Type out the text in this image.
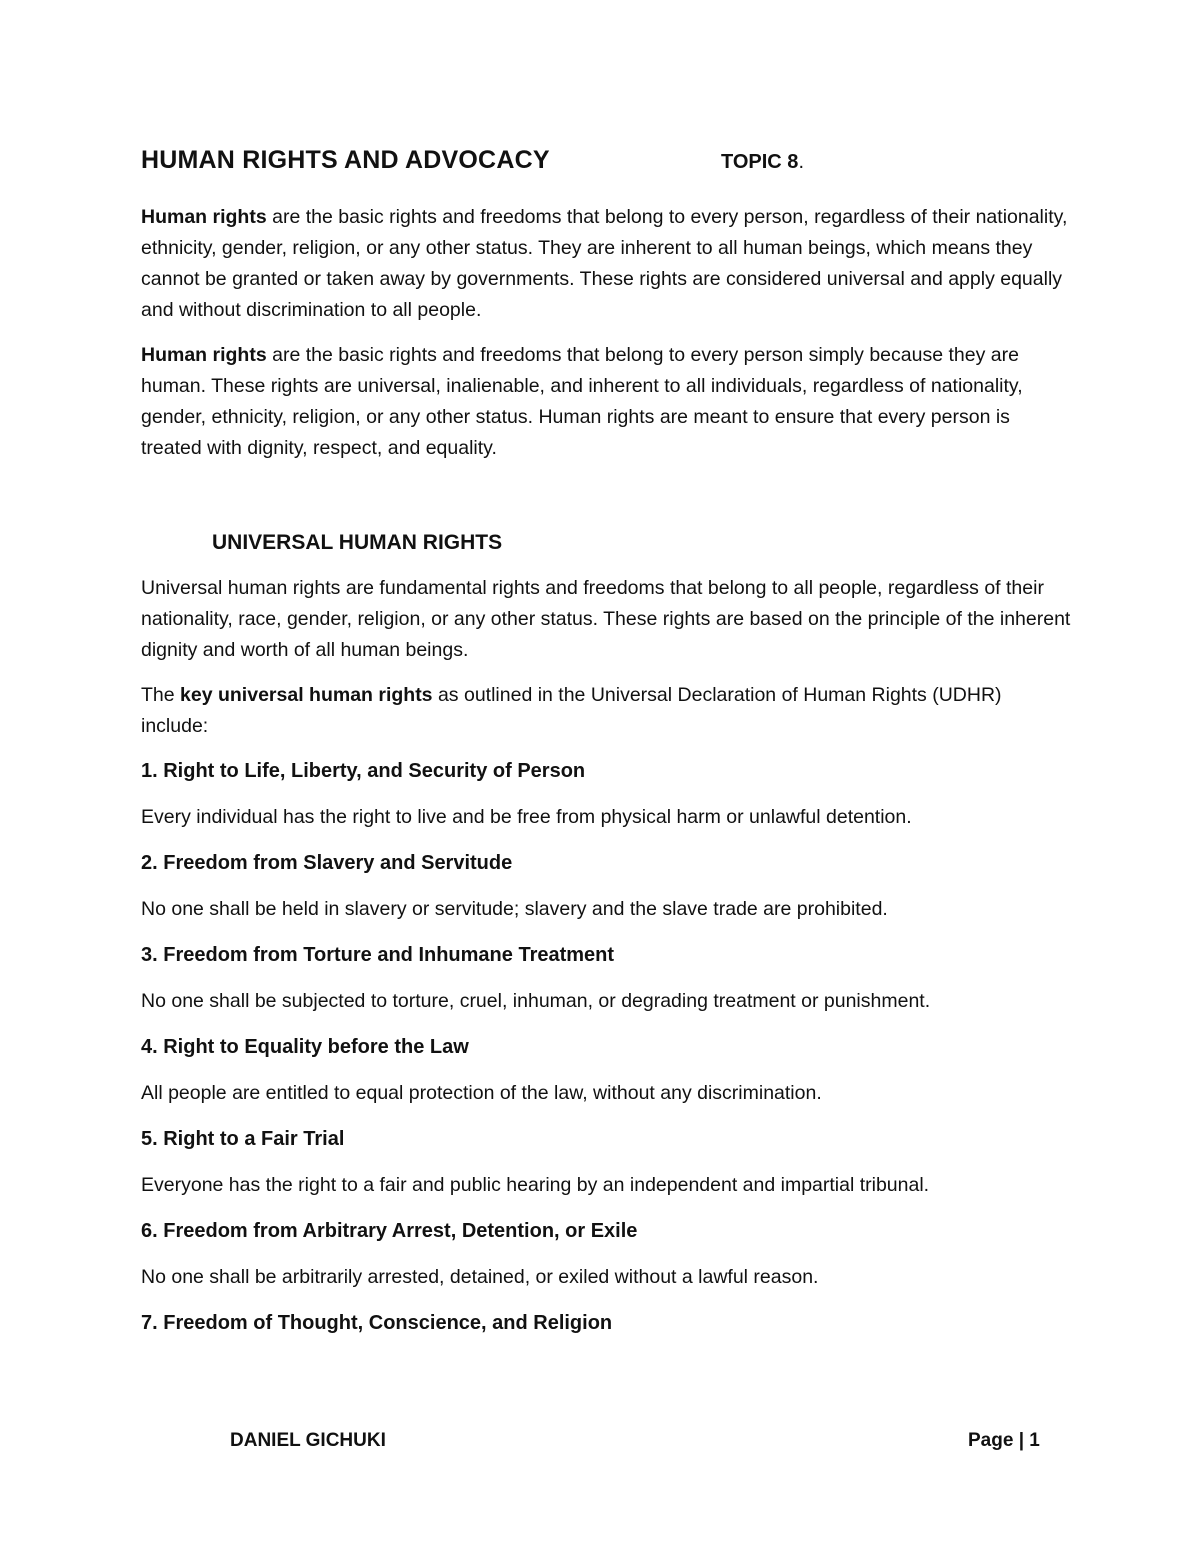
HUMAN RIGHTS AND ADVOCACY	TOPIC 8.

Human rights are the basic rights and freedoms that belong to every person, regardless of their nationality, ethnicity, gender, religion, or any other status. They are inherent to all human beings, which means they cannot be granted or taken away by governments. These rights are considered universal and apply equally and without discrimination to all people.

Human rights are the basic rights and freedoms that belong to every person simply because they are human. These rights are universal, inalienable, and inherent to all individuals, regardless of nationality, gender, ethnicity, religion, or any other status. Human rights are meant to ensure that every person is treated with dignity, respect, and equality.

UNIVERSAL HUMAN RIGHTS

Universal human rights are fundamental rights and freedoms that belong to all people, regardless of their nationality, race, gender, religion, or any other status. These rights are based on the principle of the inherent dignity and worth of all human beings.

The key universal human rights as outlined in the Universal Declaration of Human Rights (UDHR) include:

1. Right to Life, Liberty, and Security of Person
Every individual has the right to live and be free from physical harm or unlawful detention.
2. Freedom from Slavery and Servitude
No one shall be held in slavery or servitude; slavery and the slave trade are prohibited.
3. Freedom from Torture and Inhumane Treatment
No one shall be subjected to torture, cruel, inhuman, or degrading treatment or punishment.
4. Right to Equality before the Law
All people are entitled to equal protection of the law, without any discrimination.
5. Right to a Fair Trial
Everyone has the right to a fair and public hearing by an independent and impartial tribunal.
6. Freedom from Arbitrary Arrest, Detention, or Exile
No one shall be arbitrarily arrested, detained, or exiled without a lawful reason.
7. Freedom of Thought, Conscience, and Religion
DANIEL GICHUKI	Page | 1
